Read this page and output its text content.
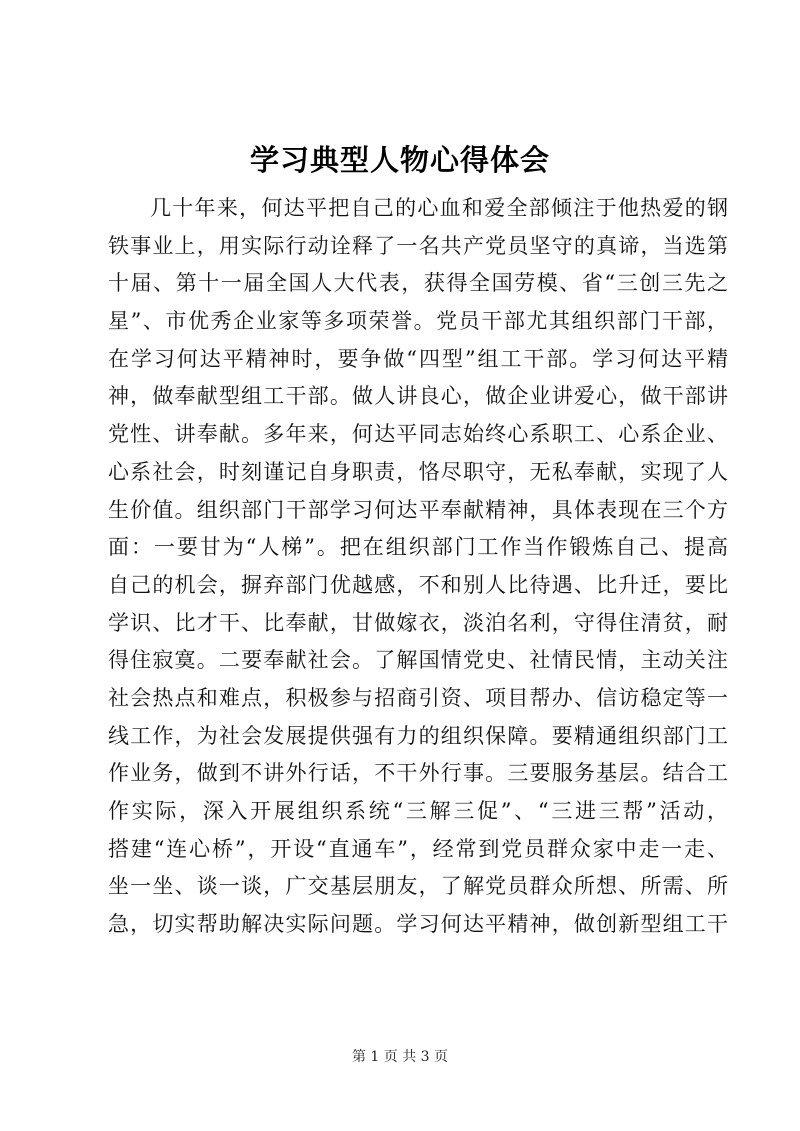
学习典型人物心得体会
几十年来，何达平把自己的心血和爱全部倾注于他热爱的钢
铁事业上，用实际行动诠释了一名共产党员坚守的真谛，当选第
十届、第十一届全国人大代表，获得全国劳模、省“三创三先之
星”、市优秀企业家等多项荣誉。党员干部尤其组织部门干部，
在学习何达平精神时，要争做“四型”组工干部。学习何达平精
神，做奉献型组工干部。做人讲良心，做企业讲爱心，做干部讲
党性、讲奉献。多年来，何达平同志始终心系职工、心系企业、
心系社会，时刻谨记自身职责，恪尽职守，无私奉献，实现了人
生价值。组织部门干部学习何达平奉献精神，具体表现在三个方
面：一要甘为“人梯”。把在组织部门工作当作锻炼自己、提高
自己的机会，摒弃部门优越感，不和别人比待遇、比升迁，要比
学识、比才干、比奉献，甘做嫁衣，淡泊名利，守得住清贫，耐
得住寂寞。二要奉献社会。了解国情党史、社情民情，主动关注
社会热点和难点，积极参与招商引资、项目帮办、信访稳定等一
线工作，为社会发展提供强有力的组织保障。要精通组织部门工
作业务，做到不讲外行话，不干外行事。三要服务基层。结合工
作实际，深入开展组织系统“三解三促”、“三进三帮”活动，
搭建“连心桥”，开设“直通车”，经常到党员群众家中走一走、
坐一坐、谈一谈，广交基层朋友，了解党员群众所想、所需、所
急，切实帮助解决实际问题。学习何达平精神，做创新型组工干
第 1 页 共 3 页
